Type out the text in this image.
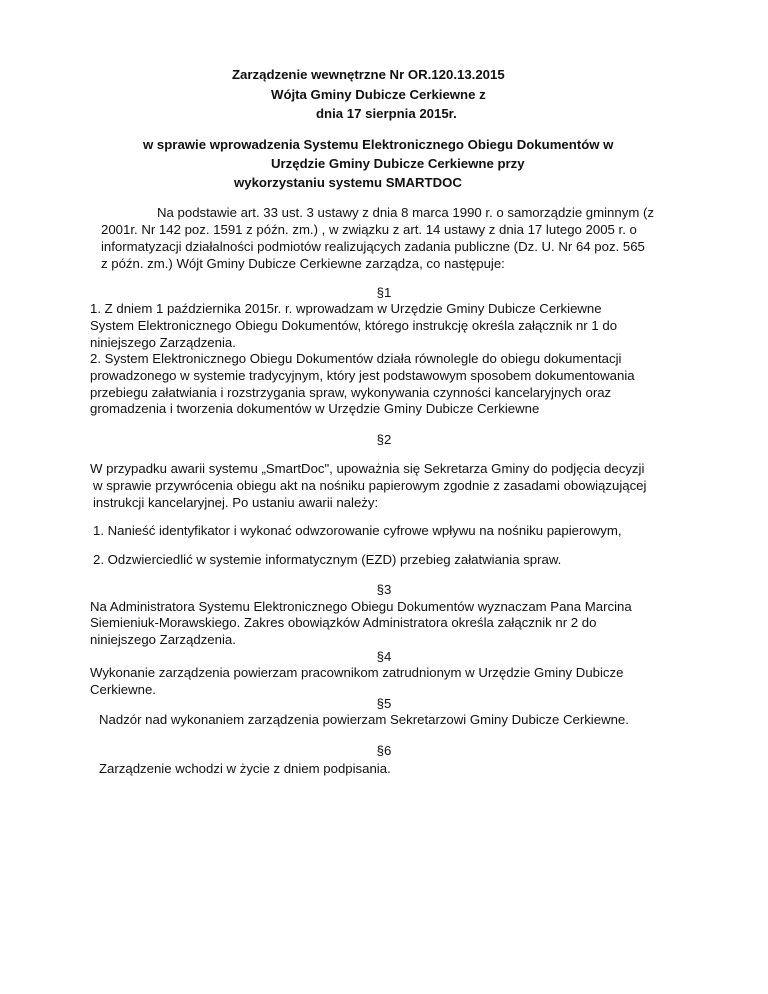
Zarządzenie wewnętrzne Nr OR.120.13.2015
Wójta Gminy Dubicze Cerkiewne z
dnia 17 sierpnia 2015r.
w sprawie wprowadzenia Systemu Elektronicznego Obiegu Dokumentów w
Urzędzie Gminy Dubicze Cerkiewne przy
wykorzystaniu systemu SMARTDOC
Na podstawie art. 33 ust. 3 ustawy z dnia 8 marca 1990 r. o samorządzie gminnym (z
2001r. Nr 142 poz. 1591 z późn. zm.) , w związku z art. 14 ustawy z dnia 17 lutego 2005 r. o
informatyzacji działalności podmiotów realizujących zadania publiczne (Dz. U. Nr 64 poz. 565
z późn. zm.) Wójt Gminy Dubicze Cerkiewne zarządza, co następuje:
§1
1. Z dniem 1 października 2015r. r. wprowadzam w Urzędzie Gminy Dubicze Cerkiewne
System Elektronicznego Obiegu Dokumentów, którego instrukcję określa załącznik nr 1 do
niniejszego Zarządzenia.
2. System Elektronicznego Obiegu Dokumentów działa równolegle do obiegu dokumentacji
prowadzonego w systemie tradycyjnym, który jest podstawowym sposobem dokumentowania
przebiegu załatwiania i rozstrzygania spraw, wykonywania czynności kancelaryjnych oraz
gromadzenia i tworzenia dokumentów w Urzędzie Gminy Dubicze Cerkiewne
§2
W przypadku awarii systemu „SmartDoc", upoważnia się Sekretarza Gminy do podjęcia decyzji
w sprawie przywrócenia obiegu akt na nośniku papierowym zgodnie z zasadami obowiązującej
instrukcji kancelaryjnej. Po ustaniu awarii należy:
1. Nanieść identyfikator i wykonać odwzorowanie cyfrowe wpływu na nośniku papierowym,
2. Odzwierciedlić w systemie informatycznym (EZD) przebieg załatwiania spraw.
§3
Na Administratora Systemu Elektronicznego Obiegu Dokumentów wyznaczam Pana Marcina
Siemieniuk-Morawskiego. Zakres obowiązków Administratora określa załącznik nr 2 do
niniejszego Zarządzenia.
§4
Wykonanie zarządzenia powierzam pracownikom zatrudnionym w Urzędzie Gminy Dubicze
Cerkiewne.
§5
Nadzór nad wykonaniem zarządzenia powierzam Sekretarzowi Gminy Dubicze Cerkiewne.
§6
Zarządzenie wchodzi w życie z dniem podpisania.
